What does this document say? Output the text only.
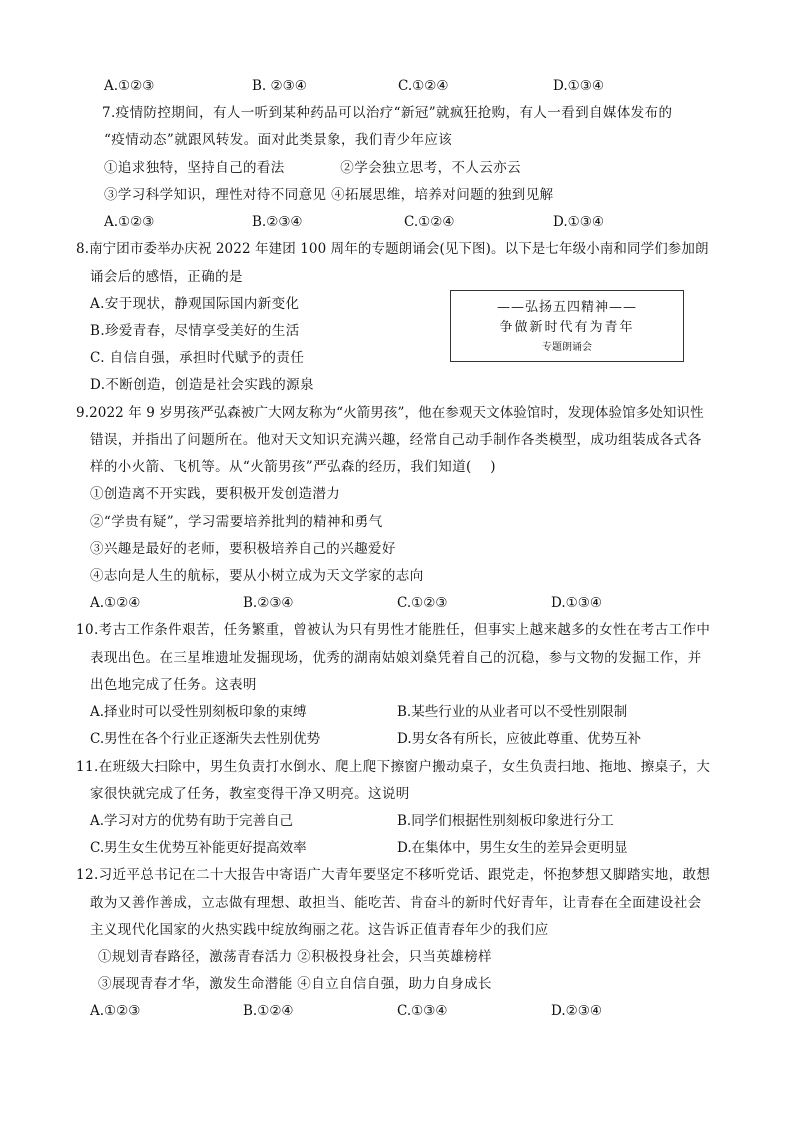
A.①②③	B. ②③④	C.①②④	D.①③④
7.疫情防控期间，有人一听到某种药品可以治疗“新冠”就疯狂抢购，有人一看到自媒体发布的
“疫情动态”就跟风转发。面对此类景象，我们青少年应该
①追求独特，坚持自己的看法　　　　②学会独立思考，不人云亦云
③学习科学知识，理性对待不同意见 ④拓展思维，培养对问题的独到见解
A.①②③	B.②③④	C.①②④	D.①③④
8.南宁团市委举办庆祝 2022 年建团 100 周年的专题朗诵会(见下图)。以下是七年级小南和同学们参加朗
诵会后的感悟，正确的是
A.安于现状，静观国际国内新变化
B.珍爱青春，尽情享受美好的生活
C. 自信自强，承担时代赋予的责任
D.不断创造，创造是社会实践的源泉
——弘扬五四精神——
争做新时代有为青年
专题朗诵会
9.2022 年 9 岁男孩严弘森被广大网友称为“火箭男孩”，他在参观天文体验馆时，发现体验馆多处知识性
错误，并指出了问题所在。他对天文知识充满兴趣，经常自己动手制作各类模型，成功组装成各式各
样的小火箭、飞机等。从“火箭男孩”严弘森的经历，我们知道(　 )
①创造离不开实践，要积极开发创造潜力
②“学贵有疑”，学习需要培养批判的精神和勇气
③兴趣是最好的老师，要积极培养自己的兴趣爱好
④志向是人生的航标，要从小树立成为天文学家的志向
A.①②④	B.②③④	C.①②③	D.①③④
10.考古工作条件艰苦，任务繁重，曾被认为只有男性才能胜任，但事实上越来越多的女性在考古工作中
表现出色。在三星堆遗址发掘现场，优秀的湖南姑娘刘燊凭着自己的沉稳，参与文物的发掘工作，并
出色地完成了任务。这表明
A.择业时可以受性别刻板印象的束缚	B.某些行业的从业者可以不受性别限制
C.男性在各个行业正逐渐失去性别优势	D.男女各有所长，应彼此尊重、优势互补
11.在班级大扫除中，男生负责打水倒水、爬上爬下擦窗户搬动桌子，女生负责扫地、拖地、擦桌子，大
家很快就完成了任务，教室变得干净又明亮。这说明
A.学习对方的优势有助于完善自己	B.同学们根据性别刻板印象进行分工
C.男生女生优势互补能更好提高效率	D.在集体中，男生女生的差异会更明显
12.习近平总书记在二十大报告中寄语广大青年要坚定不移听党话、跟党走，怀抱梦想又脚踏实地，敢想
敢为又善作善成，立志做有理想、敢担当、能吃苦、肯奋斗的新时代好青年，让青春在全面建设社会
主义现代化国家的火热实践中绽放绚丽之花。这告诉正值青春年少的我们应
①规划青春路径，激荡青春活力 ②积极投身社会，只当英雄榜样
③展现青春才华，激发生命潜能 ④自立自信自强，助力自身成长
A.①②③	B.①②④	C.①③④	D.②③④
